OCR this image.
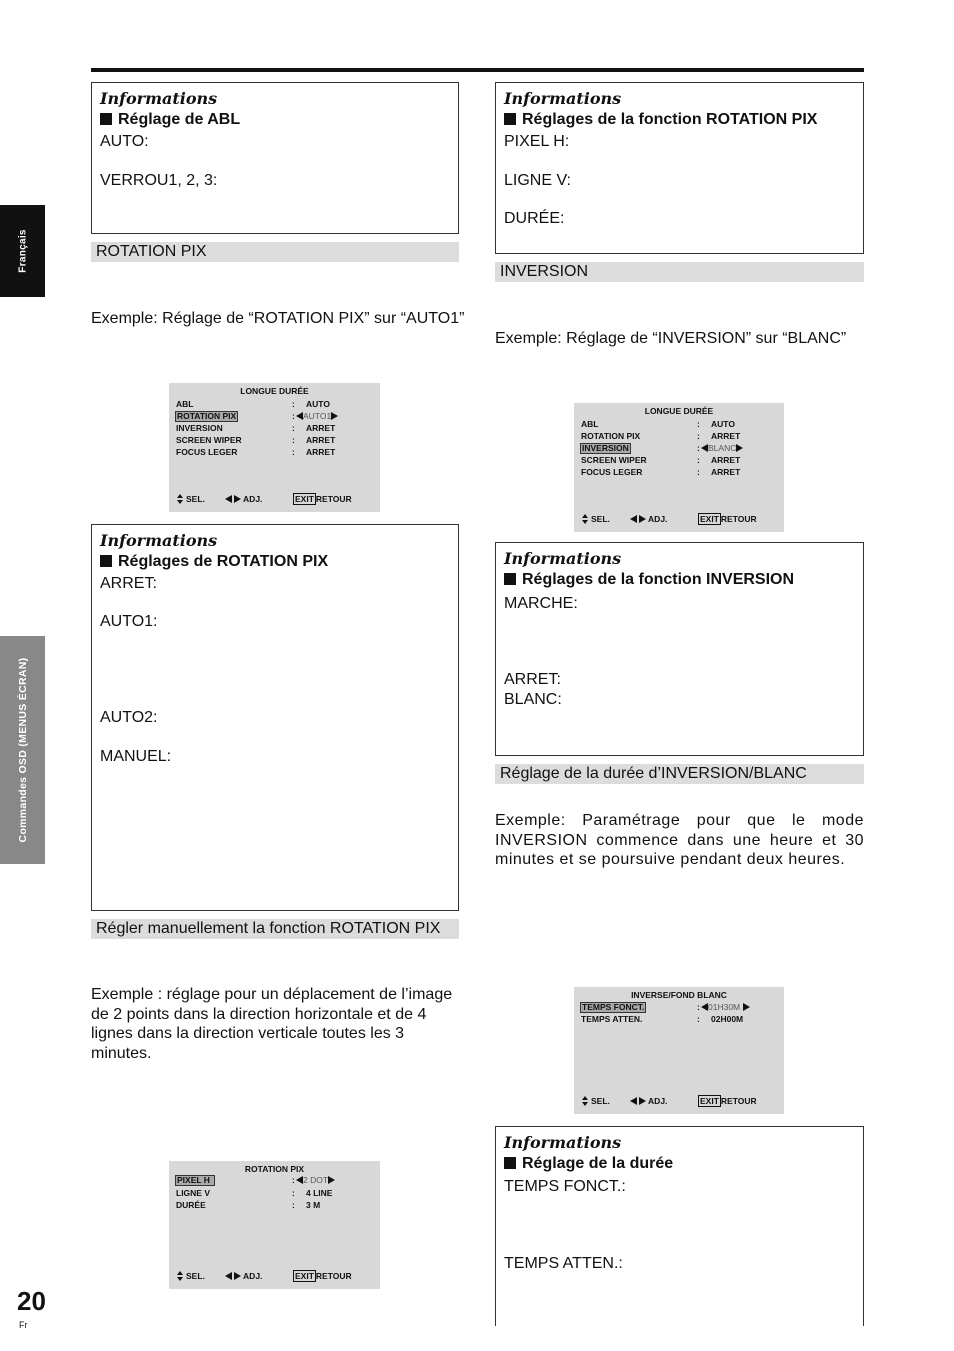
Français
Commandes OSD (MENUS ÉCRAN)
Informations
Réglage de ABL
AUTO:
VERROU1, 2, 3:
ROTATION PIX
Exemple: Réglage de “ROTATION PIX” sur “AUTO1”
LONGUE DURÉE
ABL	: AUTO
ROTATION PIX	: AUTO1
INVERSION	: ARRET
SCREEN WIPER	: ARRET
FOCUS LEGER	: ARRET
SEL.	ADJ.	EXIT RETOUR
Informations
Réglages de ROTATION PIX
ARRET:
AUTO1:
AUTO2:
MANUEL:
Régler manuellement la fonction ROTATION PIX
Exemple : réglage pour un déplacement de l’image de 2 points dans la direction horizontale et de 4 lignes dans la direction verticale toutes les 3 minutes.
ROTATION PIX
PIXEL H	: 2 DOT
LIGNE V	: 4 LINE
DURÉE	: 3 M
SEL.	ADJ.	EXIT RETOUR
Informations
Réglages de la fonction ROTATION PIX
PIXEL H:
LIGNE V:
DURÉE:
INVERSION
Exemple: Réglage de “INVERSION” sur “BLANC”
LONGUE DURÉE
ABL	: AUTO
ROTATION PIX	: ARRET
INVERSION	: BLANC
SCREEN WIPER	: ARRET
FOCUS LEGER	: ARRET
SEL.	ADJ.	EXIT RETOUR
Informations
Réglages de la fonction INVERSION
MARCHE:
ARRET:
BLANC:
Réglage de la durée d’INVERSION/BLANC
Exemple: Paramétrage pour que le mode INVERSION commence dans une heure et 30 minutes et se poursuive pendant deux heures.
INVERSE/FOND BLANC
TEMPS FONCT.	: 01H30M
TEMPS ATTEN.	: 02H00M
SEL.	ADJ.	EXIT RETOUR
Informations
Réglage de la durée
TEMPS FONCT.:
TEMPS ATTEN.:
20
Fr
